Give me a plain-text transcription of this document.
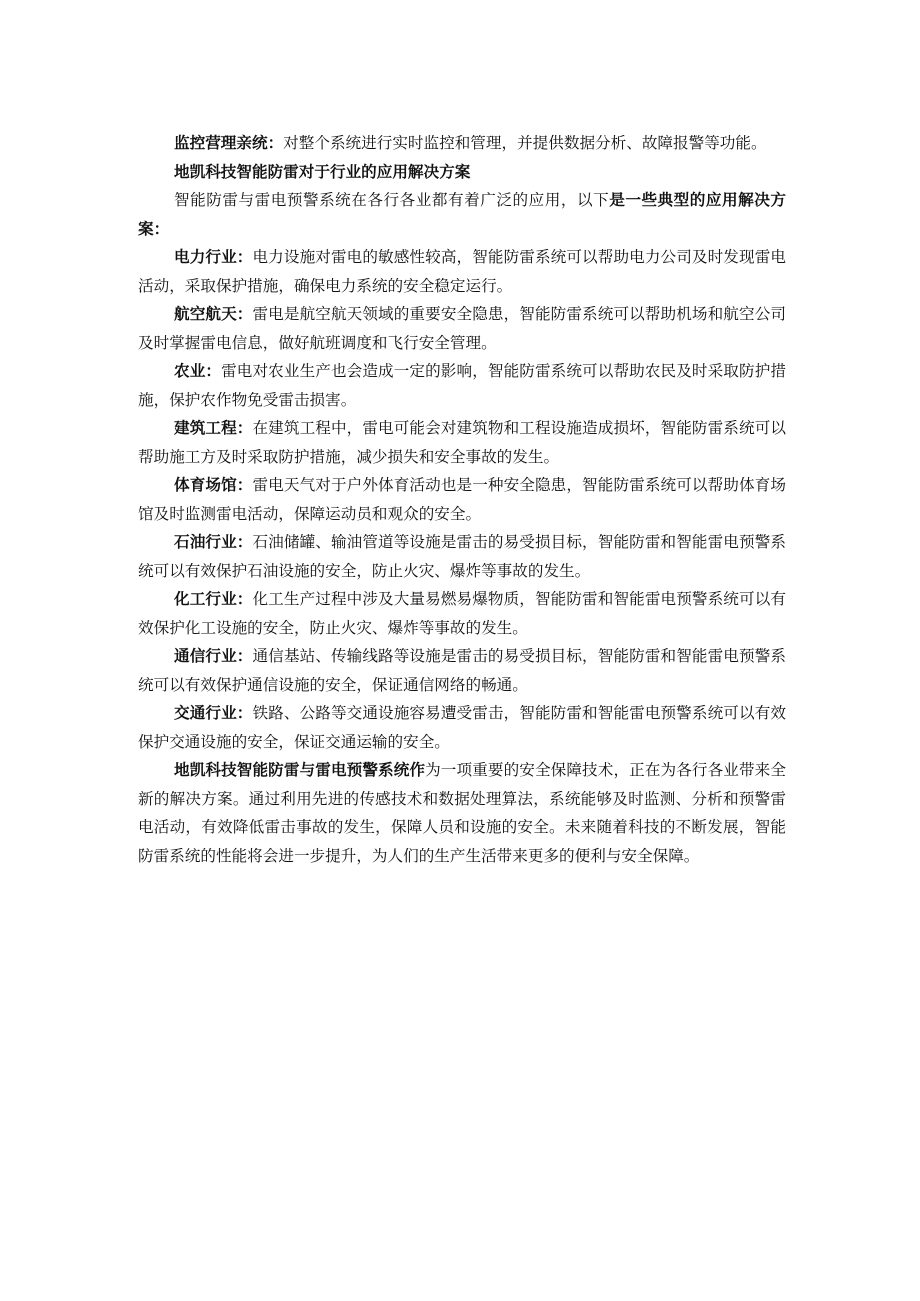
监控营理亲统：对整个系统进行实时监控和管理，并提供数据分析、故障报警等功能。

地凯科技智能防雷对于行业的应用解决方案

智能防雷与雷电预警系统在各行各业都有着广泛的应用，以下是一些典型的应用解决方案：

电力行业：电力设施对雷电的敏感性较高，智能防雷系统可以帮助电力公司及时发现雷电活动，采取保护措施，确保电力系统的安全稳定运行。

航空航天：雷电是航空航天领域的重要安全隐患，智能防雷系统可以帮助机场和航空公司及时掌握雷电信息，做好航班调度和飞行安全管理。

农业：雷电对农业生产也会造成一定的影响，智能防雷系统可以帮助农民及时采取防护措施，保护农作物免受雷击损害。

建筑工程：在建筑工程中，雷电可能会对建筑物和工程设施造成损坏，智能防雷系统可以帮助施工方及时采取防护措施，减少损失和安全事故的发生。

体育场馆：雷电天气对于户外体育活动也是一种安全隐患，智能防雷系统可以帮助体育场馆及时监测雷电活动，保障运动员和观众的安全。

石油行业：石油储罐、输油管道等设施是雷击的易受损目标，智能防雷和智能雷电预警系统可以有效保护石油设施的安全，防止火灾、爆炸等事故的发生。

化工行业：化工生产过程中涉及大量易燃易爆物质，智能防雷和智能雷电预警系统可以有效保护化工设施的安全，防止火灾、爆炸等事故的发生。

通信行业：通信基站、传输线路等设施是雷击的易受损目标，智能防雷和智能雷电预警系统可以有效保护通信设施的安全，保证通信网络的畅通。

交通行业：铁路、公路等交通设施容易遭受雷击，智能防雷和智能雷电预警系统可以有效保护交通设施的安全，保证交通运输的安全。

地凯科技智能防雷与雷电预警系统作为一项重要的安全保障技术，正在为各行各业带来全新的解决方案。通过利用先进的传感技术和数据处理算法，系统能够及时监测、分析和预警雷电活动，有效降低雷击事故的发生，保障人员和设施的安全。未来随着科技的不断发展，智能防雷系统的性能将会进一步提升，为人们的生产生活带来更多的便利与安全保障。
